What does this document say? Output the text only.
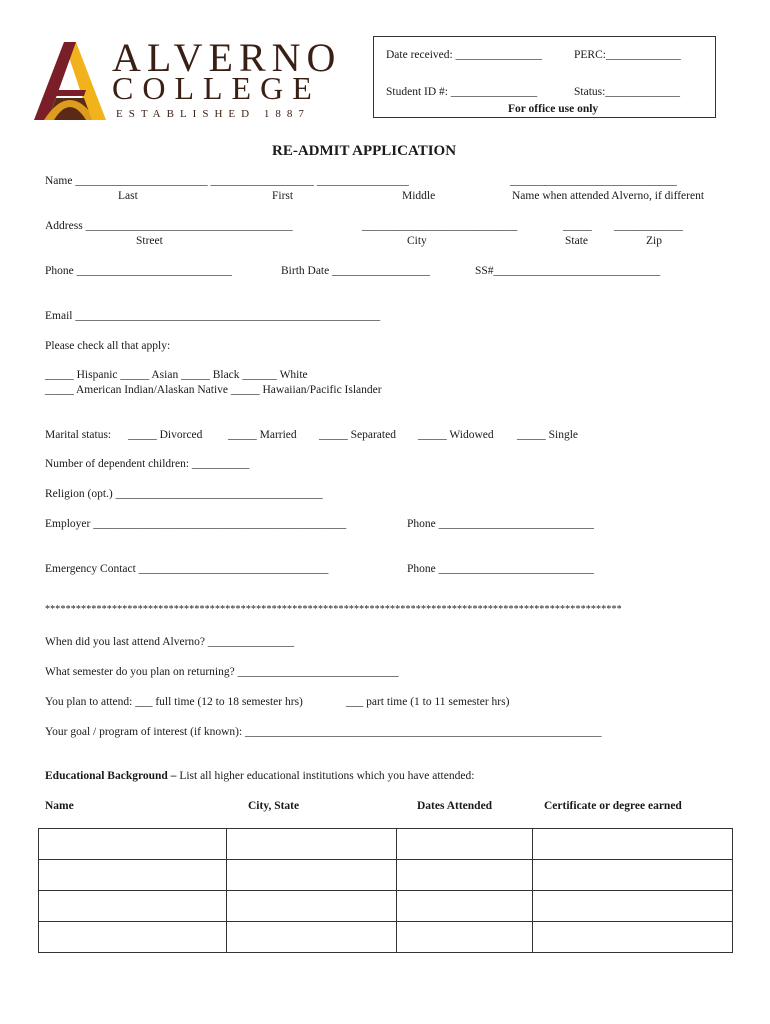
ALVERNO
COLLEGE
ESTABLISHED 1887
Date received: _______________	PERC:_____________
Student ID #: _______________	Status:_____________
For office use only
RE-ADMIT APPLICATION
Name _______________________ __________________ ________________	_____________________________
Last	First	Middle	Name when attended Alverno, if different
Address ____________________________________	___________________________	_____ ____________
Street	City	State	Zip
Phone ___________________________	Birth Date _________________	SS#_____________________________
Email _____________________________________________________
Please check all that apply:
_____ Hispanic _____ Asian _____ Black ______ White
_____ American Indian/Alaskan Native _____ Hawaiian/Pacific Islander
Marital status: _____ Divorced _____ Married _____ Separated _____ Widowed _____ Single
Number of dependent children: __________
Religion (opt.) ____________________________________
Employer ____________________________________________	Phone ___________________________
Emergency Contact _________________________________	Phone ___________________________
****************************************************************************************************************
When did you last attend Alverno? _______________
What semester do you plan on returning? ____________________________
You plan to attend: ___ full time (12 to 18 semester hrs)	___ part time (1 to 11 semester hrs)
Your goal / program of interest (if known): ______________________________________________________________
Educational Background – List all higher educational institutions which you have attended:
Name	City, State	Dates Attended	Certificate or degree earned
